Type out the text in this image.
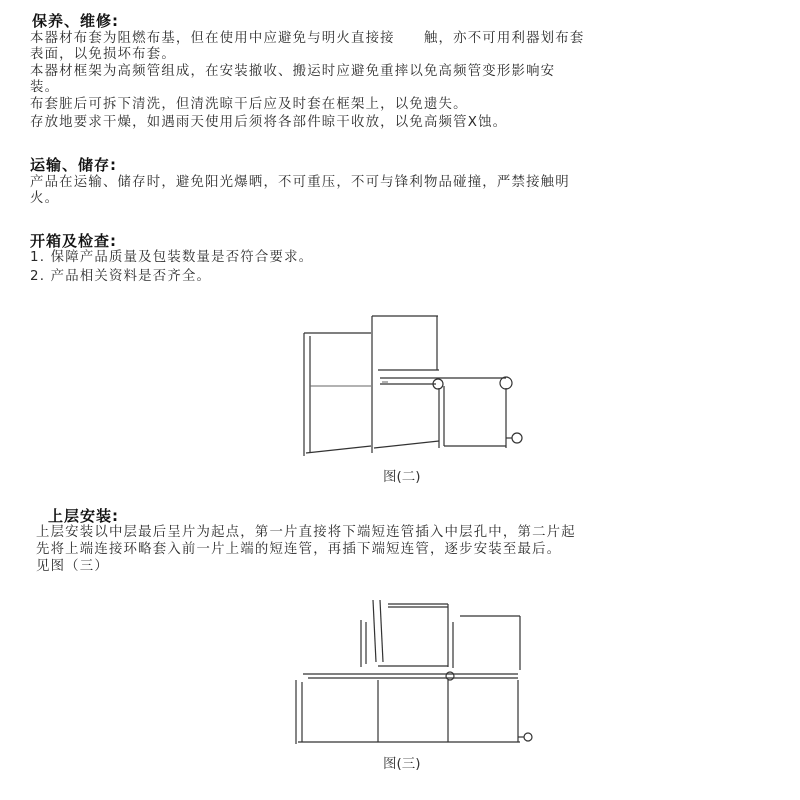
保养、维修:
本器材布套为阻燃布基，但在使用中应避免与明火直接接　　触，亦不可用利器划布套
表面，以免损坏布套。
本器材框架为高频管组成，在安装撤收、搬运时应避免重摔以免高频管变形影响安
装。
布套脏后可拆下清洗，但清洗晾干后应及时套在框架上，以免遗失。
存放地要求干燥，如遇雨天使用后须将各部件晾干收放，以免高频管X蚀。
运输、储存:
产品在运输、储存时，避免阳光爆晒，不可重压，不可与锋利物品碰撞，严禁接触明
火。
开箱及检查:
1. 保障产品质量及包装数量是否符合要求。
2. 产品相关资料是否齐全。
图(二)
上层安装:
上层安装以中层最后呈片为起点，第一片直接将下端短连管插入中层孔中，第二片起
先将上端连接环略套入前一片上端的短连管，再插下端短连管，逐步安装至最后。
见图（三）
图(三)
